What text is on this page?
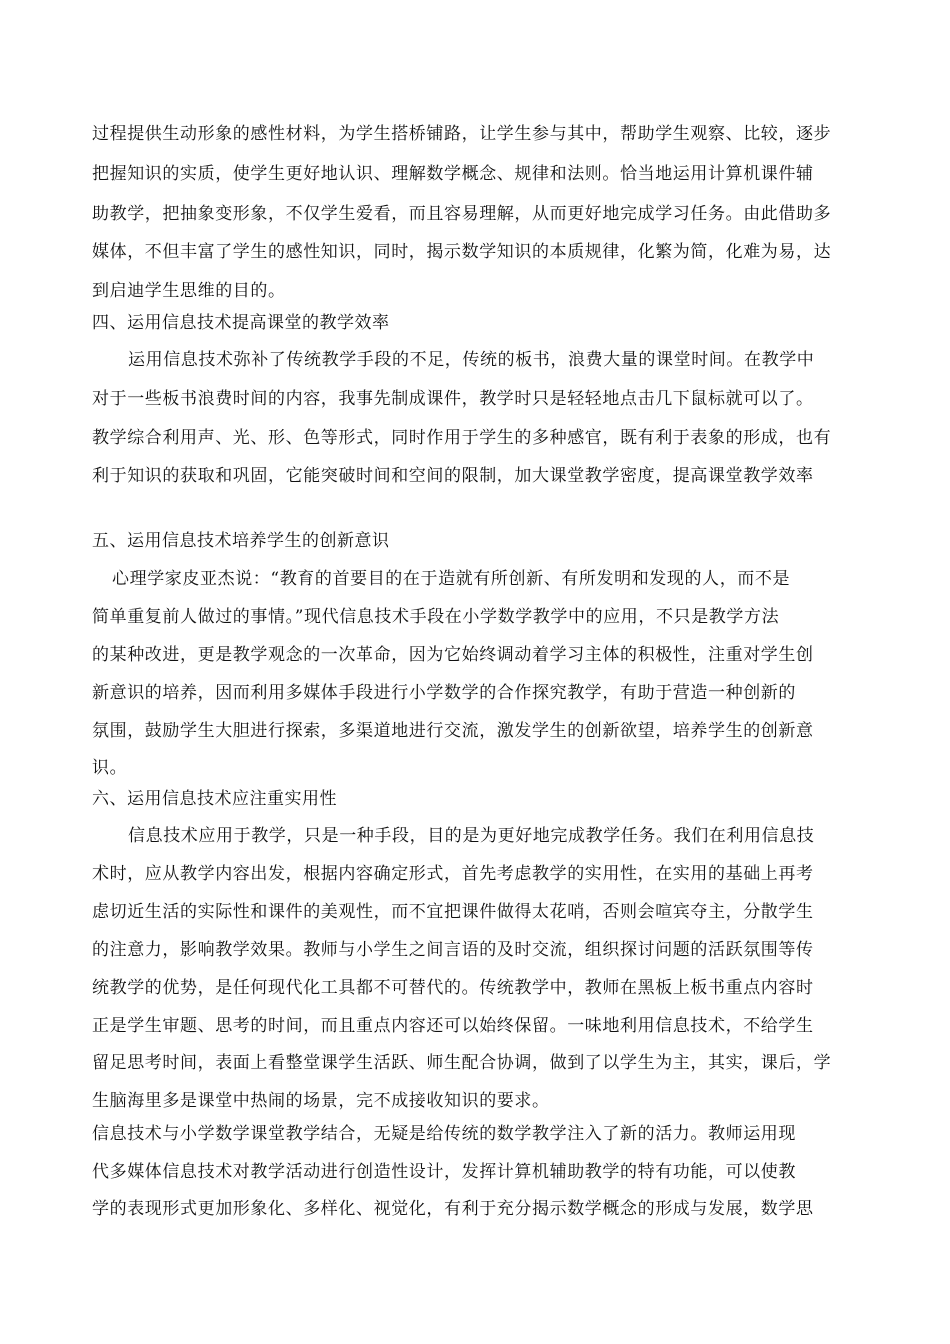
过程提供生动形象的感性材料，为学生搭桥铺路，让学生参与其中，帮助学生观察、比较，逐步
把握知识的实质，使学生更好地认识、理解数学概念、规律和法则。恰当地运用计算机课件辅
助教学，把抽象变形象，不仅学生爱看，而且容易理解，从而更好地完成学习任务。由此借助多
媒体，不但丰富了学生的感性知识，同时，揭示数学知识的本质规律，化繁为简，化难为易，达
到启迪学生思维的目的。
四、运用信息技术提高课堂的教学效率
运用信息技术弥补了传统教学手段的不足，传统的板书，浪费大量的课堂时间。在教学中
对于一些板书浪费时间的内容，我事先制成课件，教学时只是轻轻地点击几下鼠标就可以了。
教学综合利用声、光、形、色等形式，同时作用于学生的多种感官，既有利于表象的形成，也有
利于知识的获取和巩固，它能突破时间和空间的限制，加大课堂教学密度，提高课堂教学效率
五、运用信息技术培养学生的创新意识
心理学家皮亚杰说：“教育的首要目的在于造就有所创新、有所发明和发现的人，而不是
简单重复前人做过的事情。”现代信息技术手段在小学数学教学中的应用，不只是教学方法
的某种改进，更是教学观念的一次革命，因为它始终调动着学习主体的积极性，注重对学生创
新意识的培养，因而利用多媒体手段进行小学数学的合作探究教学，有助于营造一种创新的
氛围，鼓励学生大胆进行探索，多渠道地进行交流，激发学生的创新欲望，培养学生的创新意
识。
六、运用信息技术应注重实用性
信息技术应用于教学，只是一种手段，目的是为更好地完成教学任务。我们在利用信息技
术时，应从教学内容出发，根据内容确定形式，首先考虑教学的实用性，在实用的基础上再考
虑切近生活的实际性和课件的美观性，而不宜把课件做得太花哨，否则会喧宾夺主，分散学生
的注意力，影响教学效果。教师与小学生之间言语的及时交流，组织探讨问题的活跃氛围等传
统教学的优势，是任何现代化工具都不可替代的。传统教学中，教师在黑板上板书重点内容时
正是学生审题、思考的时间，而且重点内容还可以始终保留。一味地利用信息技术，不给学生
留足思考时间，表面上看整堂课学生活跃、师生配合协调，做到了以学生为主，其实，课后，学
生脑海里多是课堂中热闹的场景，完不成接收知识的要求。
信息技术与小学数学课堂教学结合，无疑是给传统的数学教学注入了新的活力。教师运用现
代多媒体信息技术对教学活动进行创造性设计，发挥计算机辅助教学的特有功能，可以使教
学的表现形式更加形象化、多样化、视觉化，有利于充分揭示数学概念的形成与发展，数学思
